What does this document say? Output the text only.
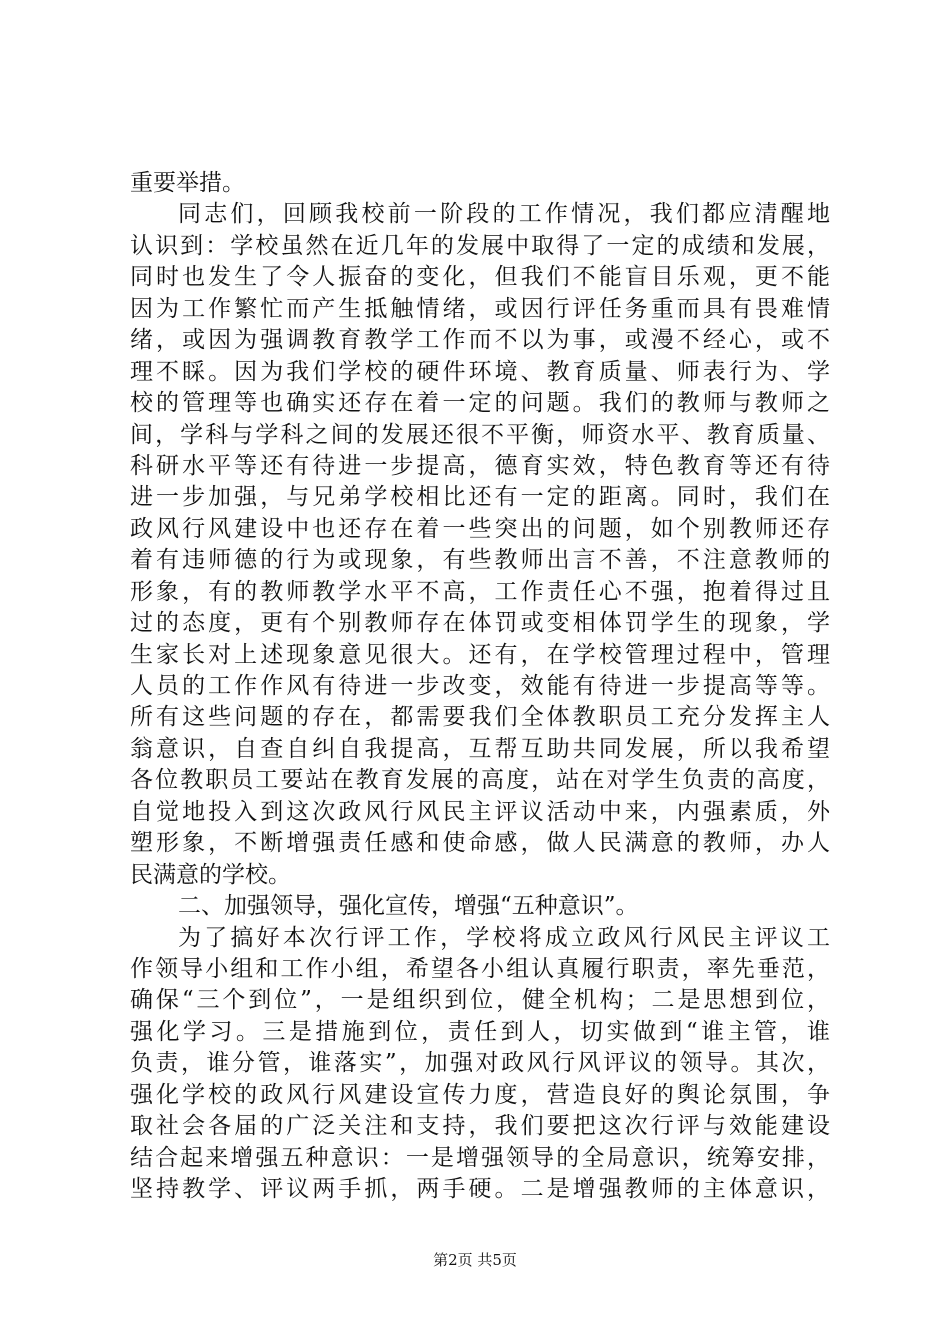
重要举措。
同志们，回顾我校前一阶段的工作情况，我们都应清醒地
认识到：学校虽然在近几年的发展中取得了一定的成绩和发展，
同时也发生了令人振奋的变化，但我们不能盲目乐观，更不能
因为工作繁忙而产生抵触情绪，或因行评任务重而具有畏难情
绪，或因为强调教育教学工作而不以为事，或漫不经心，或不
理不睬。因为我们学校的硬件环境、教育质量、师表行为、学
校的管理等也确实还存在着一定的问题。我们的教师与教师之
间，学科与学科之间的发展还很不平衡，师资水平、教育质量、
科研水平等还有待进一步提高，德育实效，特色教育等还有待
进一步加强，与兄弟学校相比还有一定的距离。同时，我们在
政风行风建设中也还存在着一些突出的问题，如个别教师还存
着有违师德的行为或现象，有些教师出言不善，不注意教师的
形象，有的教师教学水平不高，工作责任心不强，抱着得过且
过的态度，更有个别教师存在体罚或变相体罚学生的现象，学
生家长对上述现象意见很大。还有，在学校管理过程中，管理
人员的工作作风有待进一步改变，效能有待进一步提高等等。
所有这些问题的存在，都需要我们全体教职员工充分发挥主人
翁意识，自查自纠自我提高，互帮互助共同发展，所以我希望
各位教职员工要站在教育发展的高度，站在对学生负责的高度，
自觉地投入到这次政风行风民主评议活动中来，内强素质，外
塑形象，不断增强责任感和使命感，做人民满意的教师，办人
民满意的学校。
二、加强领导，强化宣传，增强“五种意识”。
为了搞好本次行评工作，学校将成立政风行风民主评议工
作领导小组和工作小组，希望各小组认真履行职责，率先垂范，
确保“三个到位”，一是组织到位，健全机构；二是思想到位，
强化学习。三是措施到位，责任到人，切实做到“谁主管，谁
负责，谁分管，谁落实”，加强对政风行风评议的领导。其次，
强化学校的政风行风建设宣传力度，营造良好的舆论氛围，争
取社会各届的广泛关注和支持，我们要把这次行评与效能建设
结合起来增强五种意识：一是增强领导的全局意识，统筹安排，
坚持教学、评议两手抓，两手硬。二是增强教师的主体意识，
第2页 共5页
